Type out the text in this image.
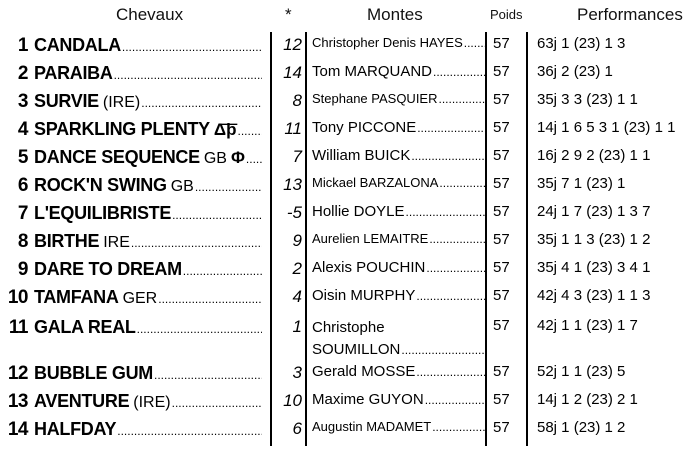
Chevaux	*	Montes	Poids	Performances
1 CANDALA .....	12 Christopher Denis HAYES ..... 57 63j 1 (23) 1 3
2 PARAIBA .....	14 Tom MARQUAND .....	57 36j 2 (23) 1
3 SURVIE (IRE) .....	8 Stephane PASQUIER .....	57 35j 3 3 (23) 1 1
4 SPARKLING PLENTY Δ͞þ .....	11 Tony PICCONE .....	57 14j 1 6 5 3 1 (23) 1 1
5 DANCE SEQUENCE GB Φ .....	7 William BUICK .....	57 16j 2 9 2 (23) 1 1
6 ROCK'N SWING GB .....	13 Mickael BARZALONA .....	57 35j 7 1 (23) 1
7 L'EQUILIBRISTE .....	-5 Hollie DOYLE .....	57 24j 1 7 (23) 1 3 7
8 BIRTHE IRE .....	9 Aurelien LEMAITRE .....	57 35j 1 1 3 (23) 1 2
9 DARE TO DREAM .....	2 Alexis POUCHIN .....	57 35j 4 1 (23) 3 4 1
10 TAMFANA GER .....	4 Oisin MURPHY .....	57 42j 4 3 (23) 1 1 3
11 GALA REAL .....	1 Christophe
SOUMILLON
.....
57 42j 1 1 (23) 1 7
12 BUBBLE GUM .....	3 Gerald MOSSE .....	57 52j 1 1 (23) 5
13 AVENTURE (IRE) .....	10 Maxime GUYON .....	57 14j 1 2 (23) 2 1
14 HALFDAY .....	6 Augustin MADAMET .....	57 58j 1 (23) 1 2
